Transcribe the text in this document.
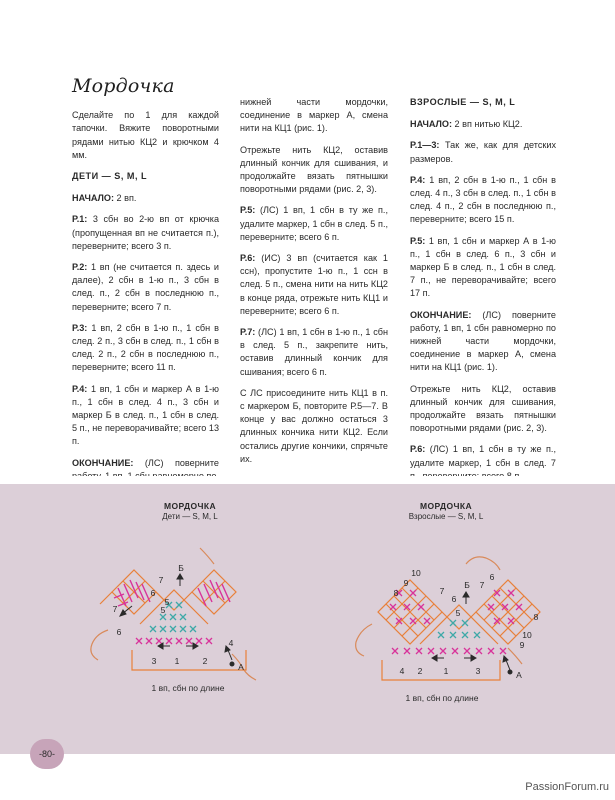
Мордочка

Сделайте по 1 для каждой тапочки. Вяжите поворотными рядами нитью КЦ2 и крючком 4 мм.

ДЕТИ — S, M, L

НАЧАЛО: 2 вп.

Р.1: 3 сбн во 2-ю вп от крючка (пропущенная вп не считается п.), переверните; всего 3 п.

Р.2: 1 вп (не считается п. здесь и далее), 2 сбн в 1-ю п., 3 сбн в след. п., 2 сбн в последнюю п., переверните; всего 7 п.

Р.3: 1 вп, 2 сбн в 1-ю п., 1 сбн в след. 2 п., 3 сбн в след. п., 1 сбн в след. 2 п., 2 сбн в последнюю п., переверните; всего 11 п.

Р.4: 1 вп, 1 сбн и маркер А в 1-ю п., 1 сбн в след. 4 п., 3 сбн и маркер Б в след. п., 1 сбн в след. 5 п., не переворачивайте; всего 13 п.

ОКОНЧАНИЕ: (ЛС) поверните

нижней части мордочки, соединение в маркер А, смена нити на КЦ1 (рис. 1).

Отрежьте нить КЦ2, оставив длинный кончик для сшивания, и продолжайте вязать пятнышки поворотными рядами (рис. 2, 3).

Р.5: (ЛС) 1 вп, 1 сбн в ту же п., удалите маркер, 1 сбн в след. 5 п., переверните; всего 6 п.

Р.6: (ИС) 3 вп (считается как 1 ссн), пропустите 1-ю п., 1 ссн в след. 5 п., смена нити на нить КЦ2 в конце ряда, отрежьте нить КЦ1 и переверните; всего 6 п.

Р.7: (ЛС) 1 вп, 1 сбн в 1-ю п., 1 сбн в след. 5 п., закрепите нить, оставив длинный кончик для сшивания; всего 6 п.

С ЛС присоедините нить КЦ1 в п. с маркером Б, повторите Р.5—7. В конце у вас должно остаться 3 длинных кончика нити КЦ2. Если остались другие кончики, спрячьте их.

ВЗРОСЛЫЕ — S, M, L

НАЧАЛО: 2 вп нитью КЦ2.

Р.1—3: Так же, как для детских размеров.

Р.4: 1 вп, 2 сбн в 1-ю п., 1 сбн в след. 4 п., 3 сбн в след. п., 1 сбн в след. 4 п., 2 сбн в последнюю п., переверните; всего 15 п.

Р.5: 1 вп, 1 сбн и маркер А в 1-ю п., 1 сбн в след. 6 п., 3 сбн и маркер Б в след. п., 1 сбн в след. 7 п., не переворачивайте; всего 17 п.

ОКОНЧАНИЕ: (ЛС) поверните работу, 1 вп, 1 сбн равномерно по нижней части мордочки, соединение в маркер А, смена нити на КЦ1 (рис. 1).

Отрежьте нить КЦ2, оставив длинный кончик для сшивания, продолжайте вязать пятнышки поворотными рядами (рис. 2, 3).

Р.6: (ЛС) 1 вп, 1 сбн в ту же п., удалите маркер, 1 сбн в след. 7

МОРДОЧКА
Дети — S, M, L
1 вп, сбн по длине
7
6
5
7
6
5
4
3	1	2
Б
А
МОРДОЧКА
Взрослые — S, M, L
1 вп, сбн по длине
10
9
8	7
6
10
9
8
7
6
4	2	1	3
5
Б
А
-80-
PassionForum.ru
